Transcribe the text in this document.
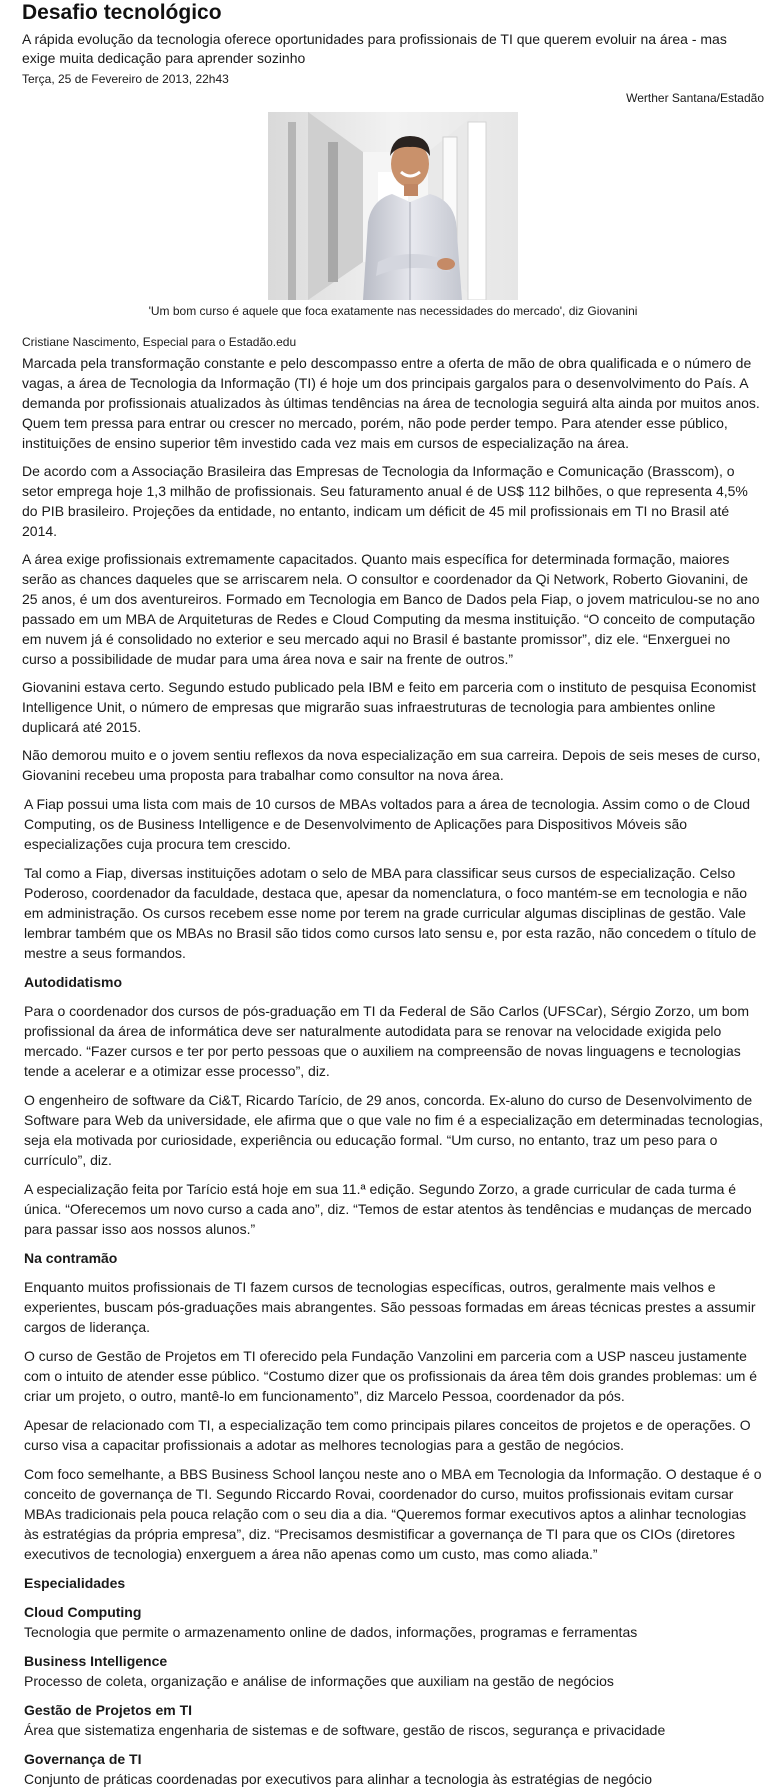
Desafio tecnológico
A rápida evolução da tecnologia oferece oportunidades para profissionais de TI que querem evoluir na área - mas exige muita dedicação para aprender sozinho
Terça, 25 de Fevereiro de 2013, 22h43
Werther Santana/Estadão
'Um bom curso é aquele que foca exatamente nas necessidades do mercado', diz Giovanini
Cristiane Nascimento, Especial para o Estadão.edu

Marcada pela transformação constante e pelo descompasso entre a oferta de mão de obra qualificada e o número de vagas, a área de Tecnologia da Informação (TI) é hoje um dos principais gargalos para o desenvolvimento do País. A demanda por profissionais atualizados às últimas tendências na área de tecnologia seguirá alta ainda por muitos anos. Quem tem pressa para entrar ou crescer no mercado, porém, não pode perder tempo. Para atender esse público, instituições de ensino superior têm investido cada vez mais em cursos de especialização na área.

De acordo com a Associação Brasileira das Empresas de Tecnologia da Informação e Comunicação (Brasscom), o setor emprega hoje 1,3 milhão de profissionais. Seu faturamento anual é de US$ 112 bilhões, o que representa 4,5% do PIB brasileiro. Projeções da entidade, no entanto, indicam um déficit de 45 mil profissionais em TI no Brasil até 2014.

A área exige profissionais extremamente capacitados. Quanto mais específica for determinada formação, maiores serão as chances daqueles que se arriscarem nela. O consultor e coordenador da Qi Network, Roberto Giovanini, de 25 anos, é um dos aventureiros. Formado em Tecnologia em Banco de Dados pela Fiap, o jovem matriculou-se no ano passado em um MBA de Arquiteturas de Redes e Cloud Computing da mesma instituição. “O conceito de computação em nuvem já é consolidado no exterior e seu mercado aqui no Brasil é bastante promissor”, diz ele. “Enxerguei no curso a possibilidade de mudar para uma área nova e sair na frente de outros.”

Giovanini estava certo. Segundo estudo publicado pela IBM e feito em parceria com o instituto de pesquisa Economist Intelligence Unit, o número de empresas que migrarão suas infraestruturas de tecnologia para ambientes online duplicará até 2015.

Não demorou muito e o jovem sentiu reflexos da nova especialização em sua carreira. Depois de seis meses de curso, Giovanini recebeu uma proposta para trabalhar como consultor na nova área.

A Fiap possui uma lista com mais de 10 cursos de MBAs voltados para a área de tecnologia. Assim como o de Cloud Computing, os de Business Intelligence e de Desenvolvimento de Aplicações para Dispositivos Móveis são especializações cuja procura tem crescido.

Tal como a Fiap, diversas instituições adotam o selo de MBA para classificar seus cursos de especialização. Celso Poderoso, coordenador da faculdade, destaca que, apesar da nomenclatura, o foco mantém-se em tecnologia e não em administração. Os cursos recebem esse nome por terem na grade curricular algumas disciplinas de gestão. Vale lembrar também que os MBAs no Brasil são tidos como cursos lato sensu e, por esta razão, não concedem o título de mestre a seus formandos.

Autodidatismo

Para o coordenador dos cursos de pós-graduação em TI da Federal de São Carlos (UFSCar), Sérgio Zorzo, um bom profissional da área de informática deve ser naturalmente autodidata para se renovar na velocidade exigida pelo mercado. “Fazer cursos e ter por perto pessoas que o auxiliem na compreensão de novas linguagens e tecnologias tende a acelerar e a otimizar esse processo”, diz.

O engenheiro de software da Ci&T, Ricardo Tarício, de 29 anos, concorda. Ex-aluno do curso de Desenvolvimento de Software para Web da universidade, ele afirma que o que vale no fim é a especialização em determinadas tecnologias, seja ela motivada por curiosidade, experiência ou educação formal. “Um curso, no entanto, traz um peso para o currículo”, diz.

A especialização feita por Tarício está hoje em sua 11.ª edição. Segundo Zorzo, a grade curricular de cada turma é única. “Oferecemos um novo curso a cada ano”, diz. “Temos de estar atentos às tendências e mudanças de mercado para passar isso aos nossos alunos.”

Na contramão

Enquanto muitos profissionais de TI fazem cursos de tecnologias específicas, outros, geralmente mais velhos e experientes, buscam pós-graduações mais abrangentes. São pessoas formadas em áreas técnicas prestes a assumir cargos de liderança.

O curso de Gestão de Projetos em TI oferecido pela Fundação Vanzolini em parceria com a USP nasceu justamente com o intuito de atender esse público. “Costumo dizer que os profissionais da área têm dois grandes problemas: um é criar um projeto, o outro, mantê-lo em funcionamento”, diz Marcelo Pessoa, coordenador da pós.

Apesar de relacionado com TI, a especialização tem como principais pilares conceitos de projetos e de operações. O curso visa a capacitar profissionais a adotar as melhores tecnologias para a gestão de negócios.

Com foco semelhante, a BBS Business School lançou neste ano o MBA em Tecnologia da Informação. O destaque é o conceito de governança de TI. Segundo Riccardo Rovai, coordenador do curso, muitos profissionais evitam cursar MBAs tradicionais pela pouca relação com o seu dia a dia. “Queremos formar executivos aptos a alinhar tecnologias às estratégias da própria empresa”, diz. “Precisamos desmistificar a governança de TI para que os CIOs (diretores executivos de tecnologia) enxerguem a área não apenas como um custo, mas como aliada.”

Especialidades
Cloud Computing
Tecnologia que permite o armazenamento online de dados, informações, programas e ferramentas
Business Intelligence
Processo de coleta, organização e análise de informações que auxiliam na gestão de negócios
Gestão de Projetos em TI
Área que sistematiza engenharia de sistemas e de software, gestão de riscos, segurança e privacidade
Governança de TI
Conjunto de práticas coordenadas por executivos para alinhar a tecnologia às estratégias de negócio
